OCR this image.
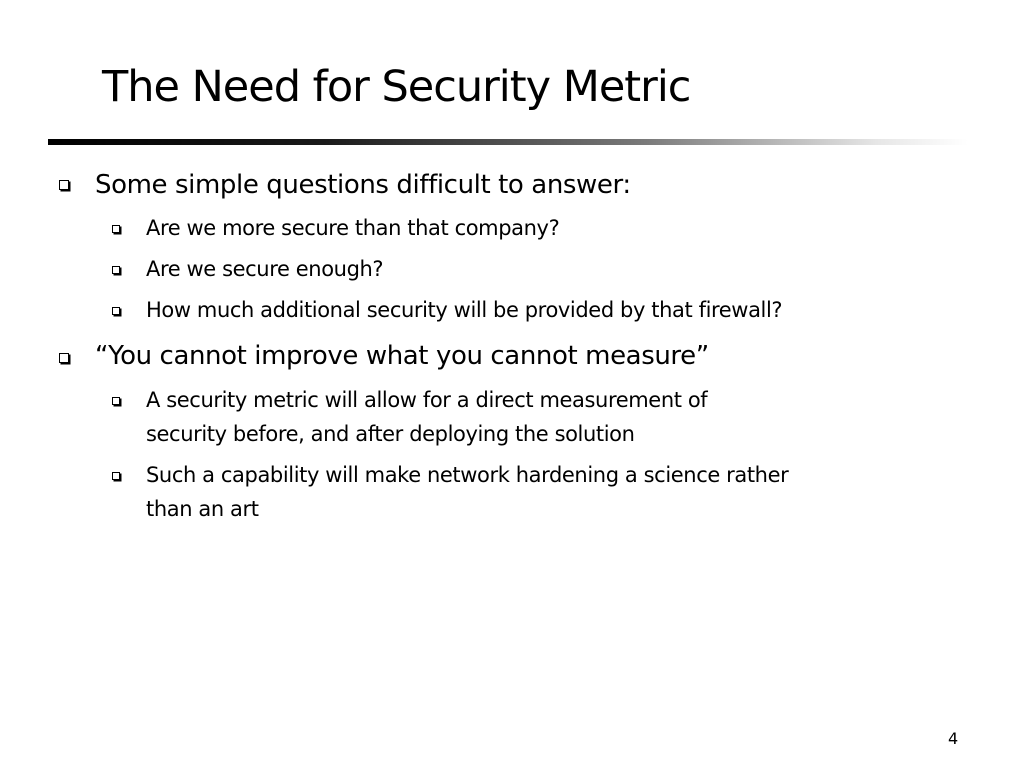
The Need for Security Metric
Some simple questions difficult to answer:
Are we more secure than that company?
Are we secure enough?
How much additional security will be provided by that firewall?
“You cannot improve what you cannot measure”
A security metric will allow for a direct measurement of
security before, and after deploying the solution
Such a capability will make network hardening a science rather
than an art
4
